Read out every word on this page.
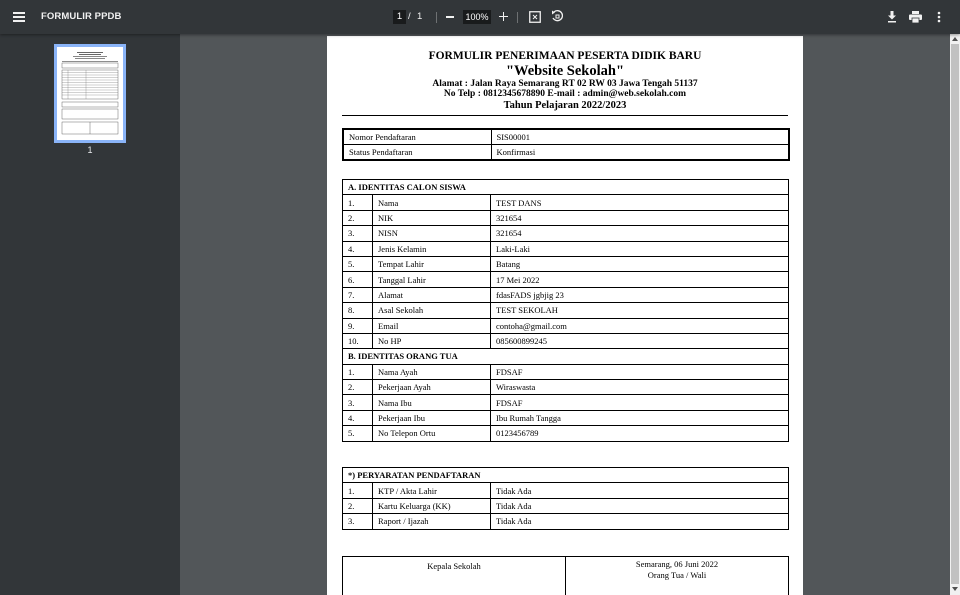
FORMULIR PPDB	1 / 1	100%
1
FORMULIR PENERIMAAN PESERTA DIDIK BARU
"Website Sekolah"
Alamat : Jalan Raya Semarang RT 02 RW 03 Jawa Tengah 51137
No Telp : 0812345678890 E-mail : admin@web.sekolah.com
Tahun Pelajaran 2022/2023
Nomor Pendaftaran	SIS00001
Status Pendaftaran	Konfirmasi
A. IDENTITAS CALON SISWA		
1.	Nama	TEST DANS
2.	NIK	321654
3.	NISN	321654
4.	Jenis Kelamin	Laki-Laki
5.	Tempat Lahir	Batang
6.	Tanggal Lahir	17 Mei 2022
7.	Alamat	fdasFADS jgbjig 23
8.	Asal Sekolah	TEST SEKOLAH
9.	Email	contoha@gmail.com
10.	No HP	085600899245
B. IDENTITAS ORANG TUA		
1.	Nama Ayah	FDSAF
2.	Pekerjaan Ayah	Wiraswasta
3.	Nama Ibu	FDSAF
4.	Pekerjaan Ibu	Ibu Rumah Tangga
5.	No Telepon Ortu	0123456789
*) PERYARATAN PENDAFTARAN		
1.	KTP / Akta Lahir	Tidak Ada
2.	Kartu Keluarga (KK)	Tidak Ada
3.	Raport / Ijazah	Tidak Ada
Kepala Sekolah	Semarang, 06 Juni 2022
Orang Tua / Wali
